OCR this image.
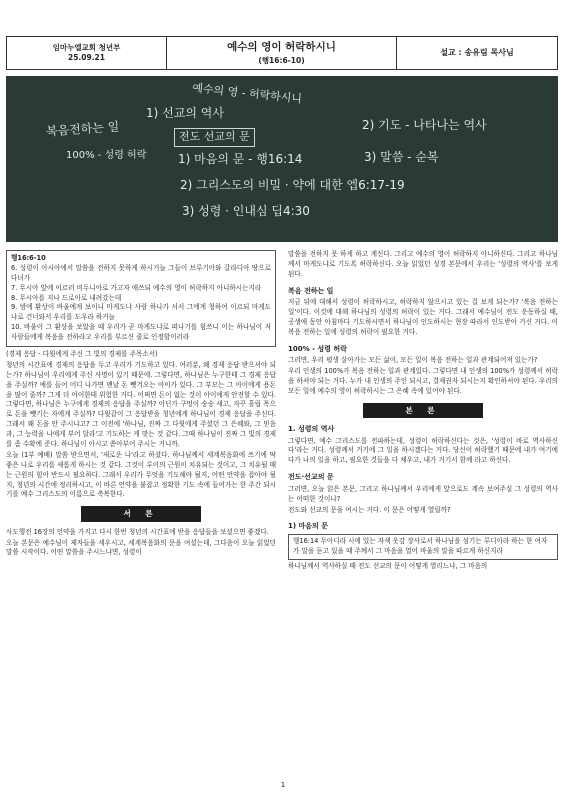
임마누엘교회 청년부
25.09.21
예수의 영이 허락하시니
(행16:6-10)
설교 : 송유림 목사님
예수의 영 - 허락하시니
1) 선교의 역사
전도 선교의 문
1) 마음의 문 - 행16:14
2) 그리스도의 비밀 · 약에 대한 엡6:17-19
3) 성령 · 인내심 딥4:30
복음전하는 일
100% - 성령 허락
2) 기도 - 나타나는 역사
3) 말씀 - 순복

행16:6-10

6. 성령이 아시아에서 말씀을 전하지 못하게 하시거늘 그들이 브루기아와 갈라디아 땅으로 다녀가

7. 무시아 앞에 이르러 비두니아로 가고자 애쓰되 예수의 영이 허락하지 아니하시는지라

8. 무시아를 지나 드로아로 내려갔는데

9. 밤에 환상이 바울에게 보이니 마게도냐 사람 하나가 서서 그에게 청하여 이르되 마게도냐로 건너와서 우리를 도우라 하거늘

10. 바울이 그 환상을 보았을 때 우리가 곧 마게도냐로 떠나기를 힘쓰니 이는 하나님이 저 사람들에게 복음을 전하라고 우리를 부르신 줄로 인정함이러라

(경제 응답 - 다윗에게 주신 그 빛의 경제를 주목소서)

청년의 시간표에 경제의 응답을 두고 우리가 기도하고 있다. 여러분, 왜 경제 응답 받으셔야 되는가? 하나님이 우리에게 주신 사명이 있기 때문에. 그렇다면, 하나님은 누구한테 그 경제 응답을 주실까? 예를 들어 어디 나가면 맨날 돈 뺏겨오는 아이가 있다. 그 부모는 그 아이에게 용돈을 많이 줄까? 그게 더 아이한테 위험한 거다. 어쩌면 돈이 없는 것이 아이에게 안전할 수 있다. 그렇다면, 하나님은 누구에게 경제의 응답을 주실까? 어딘가 구멍이 숭숭 새고, 자꾸 흘립 목으로 돈을 뺏기는 자에게 주실까? 다윗같이 그 응답받을 청년에게 하나님이 경제 응답을 주신다. 그래서 왜 돈을 안 주시냐고? 그 이전에 '하나님, 진짜 그 다윗에게 주셨던 그 은혜와, 그 믿음과, 그 능력을 나에게 부어 달라'고 기도하는 게 맞는 것 같다. 그때 하나님이 진짜 그 빛의 경제를 좀 수확에 준다. 하나님이 아시고 쏟아부어 주시는 거니까.

오늘 (1부 예배) 말씀 받으면서, '새로운 나'라고 하셨다. 하나님께서 세계복음화에 쓰기에 딱 좋은 나로 우리를 새롭게 하시는 것 같다. 그것이 루이의 근원이 치유되는 것이고, 그 치유될 때는 근원의 힘이 반드시 필요하다. 그래서 우리가 무엇을 기도해야 될지, 어떤 언약을 잡아야 될지, 청년의 시간에 정리하시고, 이 바른 언약을 붙잡고 정확한 기도 속에 들어가는 한 주간 되시기를 예수 그리스도의 이름으로 축복한다.

서 론

사도행전 16장의 언약을 가지고 다시 한번 청년의 시간표에 받을 응답들을 보셨으면 좋겠다.

오늘 본문은 예수님이 제자들을 세우시고, 세계복음화의 문을 여셨는데, 그다음이 오늘 읽었던 말씀 시작이다. 어떤 말씀을 주시느냐면, 성령이

말씀을 전하지 못 하게 하고 계신다. 그리고 예수의 영이 허락하지 아니하신다. 그리고 하나님께서 마게도냐로 기도록 허락하신다. 오늘 읽었던 성경 본문에서 우리는 '성령의 역사'를 보게 된다.

복음 전하는 일

지금 뒤에 대해서 성령이 허락하시고, 허락하지 않으시고 있는 걸 보게 되는가? '복음 전하는 일'이다. 이것에 대해 하나님의 성령의 허락이 있는 거다. 그래서 예수님이 전도 운동하실 때, 공생애 동안 아침마다 기도하시면서 하나님이 인도하시는 현장 따라서 인도받아 가신 거다. 이 복음 전하는 일에 성령의 허락이 필요한 거다.

100% - 성령 허락

그러면, 우리 평생 살아가는 모든 삶이, 모든 일이 복음 전하는 일과 관계되어져 있는가?

우리 인생의 100%가 복음 전하는 일과 관계있다. 그렇다면 내 인생의 100%가 성령께서 허락을 하셔야 되는 거다. 누가 내 인생의 주인 되시고, 결재권자 되시는지 확인하셔야 된다. 우리의 모든 일에 예수의 영이 허락하시는 그 은혜 속에 있어야 된다.

본 론
1. 성령의 역사

그렇다면, 예수 그리스도를 전파하는데, 성령이 허락하신다는 것은, '성령이 바로 역사하신다'라는 거다. 성령께서 거기에 그 일을 하시겠다는 거다. 당신이 허락했기 때문에 내가 여기에다가 나의 일을 하고, 필요한 것들을 다 채우고, 내가 거기서 함께 라고 하신다.

전도·선교의 문

그러면, 오늘 읽은 본문, 그리고 하나님께서 우리에게 앞으로도 계속 보여주실 그 성령의 역사는 어떠한 것이냐?

전도와 선교의 문을 여시는 거다. 이 문은 어떻게 열릴까?

1) 마음의 문
행16:14 두아디라 시에 있는 자색 옷감 장사로서 하나님을 섬기는 루디아라 하는 한 여자가 말을 듣고 있을 때 주께서 그 마음을 열어 바울의 말을 따르게 하신지라

하나님께서 역사하실 때 전도 선교의 문이 어떻게 열리느냐, 그 마음의

1
